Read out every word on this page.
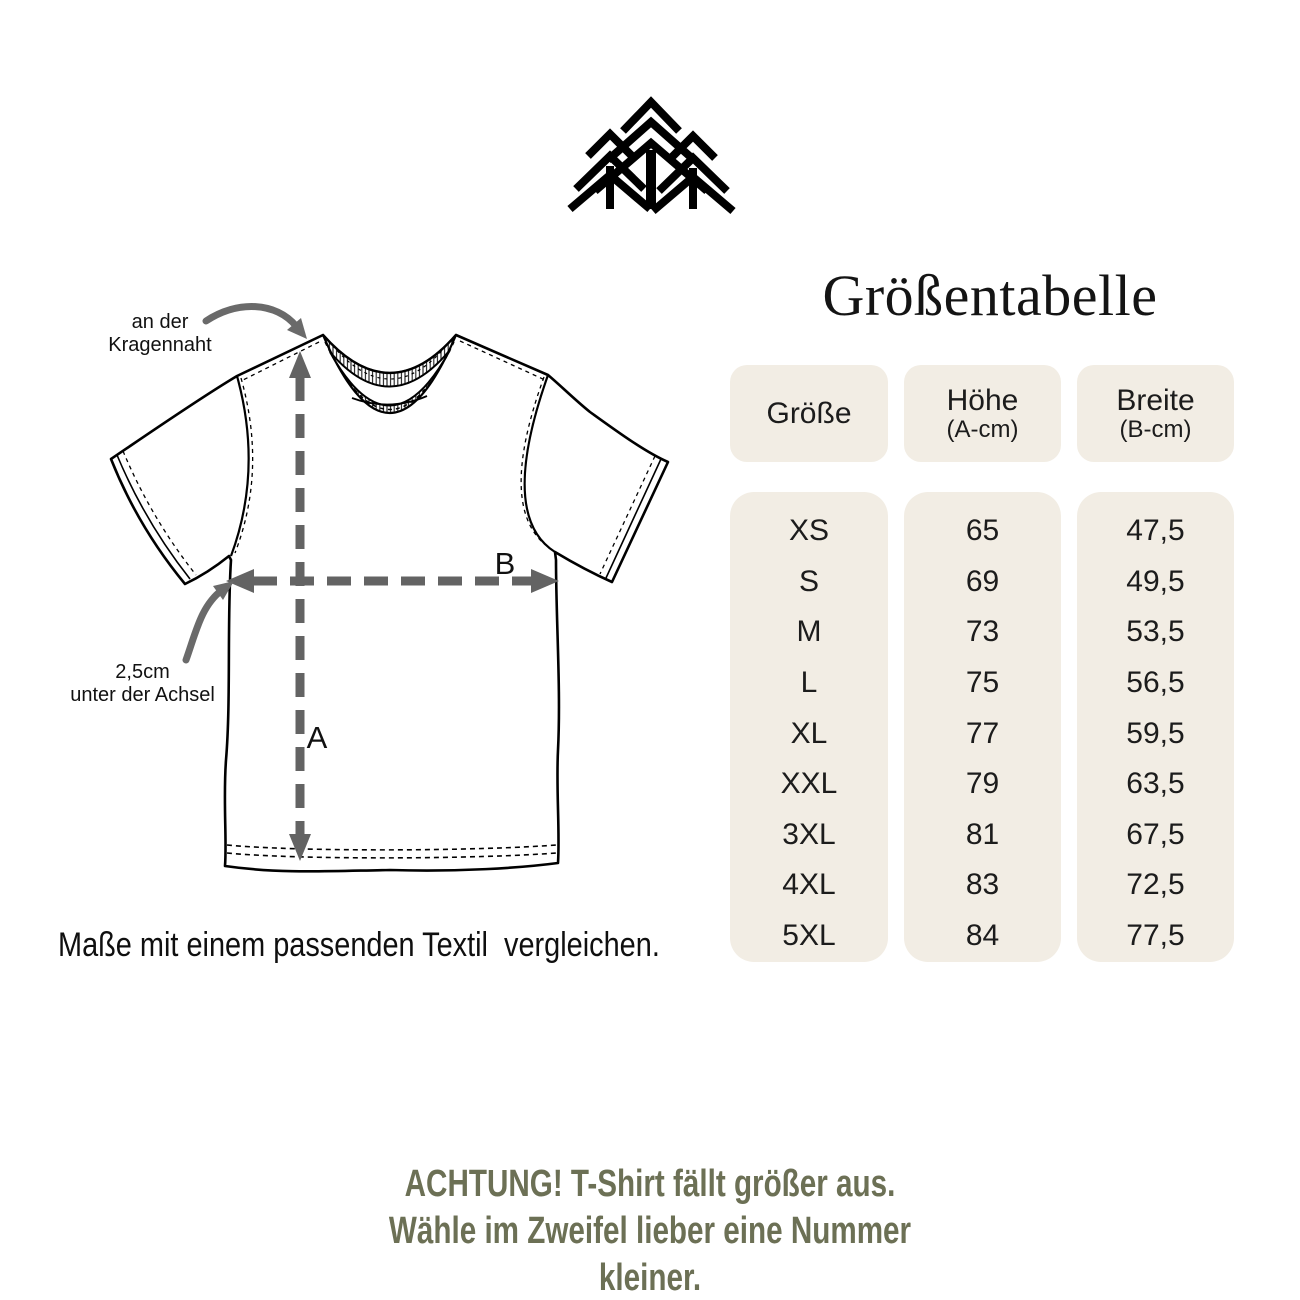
Größentabelle
A
B
an der
Kragennaht
2,5cm
unter der Achsel
Größe	Höhe
(A-cm)
Breite
(B-cm)
XS
S
M
L
XL
XXL
3XL
4XL
5XL
65
69
73
75
77
79
81
83
84
47,5
49,5
53,5
56,5
59,5
63,5
67,5
72,5
77,5
Maße mit einem passenden Textil  vergleichen.
ACHTUNG! T-Shirt fällt größer aus.
Wähle im Zweifel lieber eine Nummer kleiner.
